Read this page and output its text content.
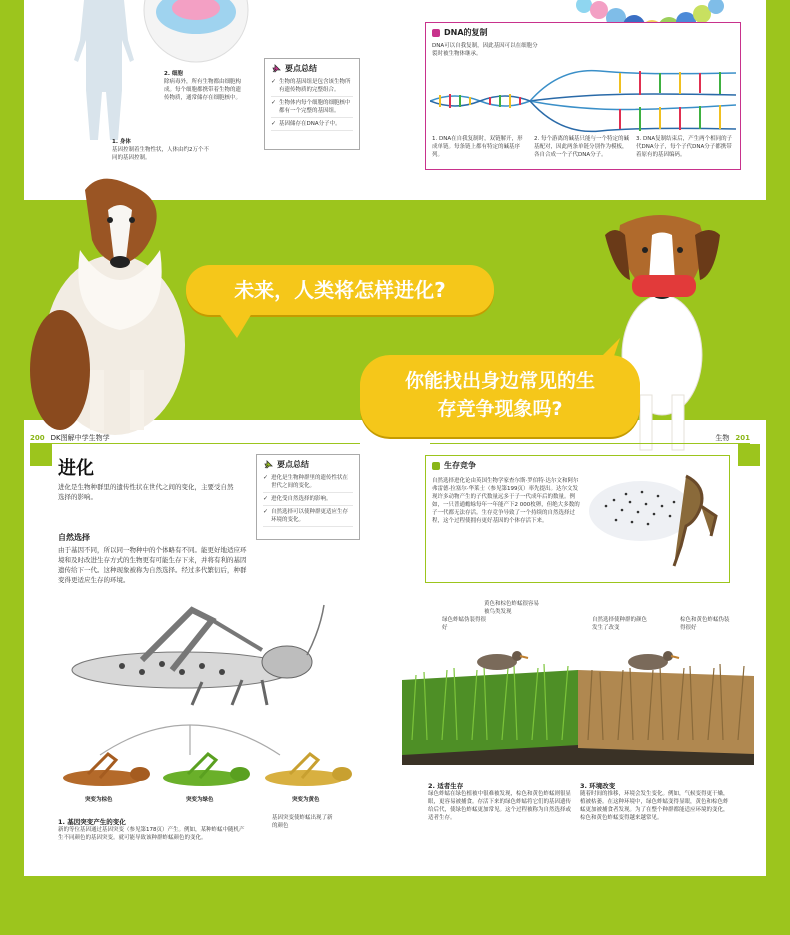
2. 细胞
除病毒外，所有生物都由细胞构成。每个细胞都携带着生物的遗传物质，通常储存在细胞核中。
1. 身体
基因控制着生物性状，人体由约2万个不同的基因控制。
要点总结
✓ 生物的基因组是包含该生物所有遗传物质的完整组合。
✓ 生物体内每个细胞的细胞核中都有一个完整的基因组。
✓ 基因储存在DNA分子中。
DNA的复制
DNA可以自我复制，因此基因可以在细胞分裂时被生物体继承。
1. DNA在自我复制时，双链解开，形成单链。每条链上都有特定的碱基序列。
2. 每个游离的碱基只能与一个特定的碱基配对，因此两条单链分别作为模板，各自合成一个子代DNA分子。
3. DNA复制结束后，产生两个相同的子代DNA分子，每个子代DNA分子都携带着原有的基因编码。
未来，人类将怎样进化?
你能找出身边常见的生
存竞争现象吗?
200 DK图解中学生物学	生物 201
进化
进化是生物种群里的遗传性状在世代之间的变化，主要受自然选择的影响。
要点总结
✓ 进化是生物种群里的遗传性状在世代之间的变化。
✓ 进化受自然选择的影响。
✓ 自然选择可以使种群更适应生存环境的变化。
自然选择
由于基因不同，所以同一物种中的个体略有不同。能更好地适应环境和及时改进生存方式的生物更有可能生存下来，并将有利的基因遗传给下一代。这种现象被称为自然选择。经过多代繁衍后，种群变得更适应生存的环境。
突变为棕色	突变为绿色	突变为黄色
1. 基因突变产生的变化
新的等位基因通过基因突变（参见第178页）产生。例如，某种蚱蜢中随机产生不同颜色的基因突变。就可能导致该种群蚱蜢颜色的变化。
基因突变使蚱蜢出现了新的颜色
生存竞争
自然选择进化论由英国生物学家查尔斯·罗伯特·达尔文和阿尔弗雷德·拉塞尔·华莱士（参见第199页）率先提出。达尔文发现许多动物产生的子代数量远多于子一代成年后的数量。例如，一只普通蟾蜍每年一年能产下2 000枚卵，但绝大多数的子一代都无法存活。生存竞争导致了一个持续的自然选择过程，这个过程使拥有更好基因的个体存活下来。
绿色蚱蜢伪装得很好
黄色和棕色蚱蜢很容易被鸟类发现
自然选择使种群的颜色发生了改变
棕色和黄色蚱蜢伪装得很好
2. 适者生存
绿色蚱蜢在绿色植被中很难被发现，棕色和黄色蚱蜢则很显眼，更容易被捕食。存活下来的绿色蚱蜢将它们的基因遗传给后代，使绿色蚱蜢更加常见。这个过程被称为自然选择或适者生存。
3. 环境改变
随着时间的推移，环境会发生变化。例如，气候变得更干燥，植被枯萎。在这种环境中，绿色蚱蜢变得显眼，黄色和棕色蚱蜢更加被捕食者发现。为了在整个种群都能适应环境的变化，棕色和黄色蚱蜢变得越来越常见。
